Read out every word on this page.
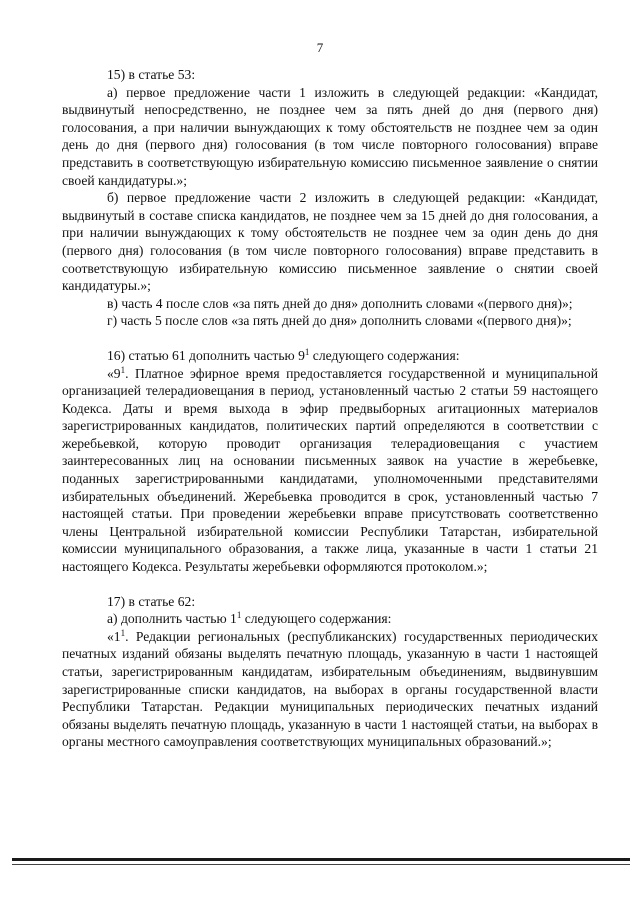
7

15) в статье 53:

а) первое предложение части 1 изложить в следующей редакции: «Кандидат, выдвинутый непосредственно, не позднее чем за пять дней до дня (первого дня) голосования, а при наличии вынуждающих к тому обстоятельств не позднее чем за один день до дня (первого дня) голосования (в том числе повторного голосования) вправе представить в соответствующую избирательную комиссию письменное заявление о снятии своей кандидатуры.»;

б) первое предложение части 2 изложить в следующей редакции: «Кандидат, выдвинутый в составе списка кандидатов, не позднее чем за 15 дней до дня голосования, а при наличии вынуждающих к тому обстоятельств не позднее чем за один день до дня (первого дня) голосования (в том числе повторного голосования) вправе представить в соответствующую избирательную комиссию письменное заявление о снятии своей кандидатуры.»;

в) часть 4 после слов «за пять дней до дня» дополнить словами «(первого дня)»;

г) часть 5 после слов «за пять дней до дня» дополнить словами «(первого дня)»;

16) статью 61 дополнить частью $9^1$ следующего содержания:

«$9^1$. Платное эфирное время предоставляется государственной и муниципальной организацией телерадиовещания в период, установленный частью 2 статьи 59 настоящего Кодекса. Даты и время выхода в эфир предвыборных агитационных материалов зарегистрированных кандидатов, политических партий определяются в соответствии с жеребьевкой, которую проводит организация телерадиовещания с участием заинтересованных лиц на основании письменных заявок на участие в жеребьевке, поданных зарегистрированными кандидатами, уполномоченными представителями избирательных объединений. Жеребьевка проводится в срок, установленный частью 7 настоящей статьи. При проведении жеребьевки вправе присутствовать соответственно члены Центральной избирательной комиссии Республики Татарстан, избирательной комиссии муниципального образования, а также лица, указанные в части 1 статьи 21 настоящего Кодекса. Результаты жеребьевки оформляются протоколом.»;

17) в статье 62:

а) дополнить частью $1^1$ следующего содержания:

«$1^1$. Редакции региональных (республиканских) государственных периодических печатных изданий обязаны выделять печатную площадь, указанную в части 1 настоящей статьи, зарегистрированным кандидатам, избирательным объединениям, выдвинувшим зарегистрированные списки кандидатов, на выборах в органы государственной власти Республики Татарстан. Редакции муниципальных периодических печатных изданий обязаны выделять печатную площадь, указанную в части 1 настоящей статьи, на выборах в органы местного самоуправления соответствующих муниципальных образований.»;
